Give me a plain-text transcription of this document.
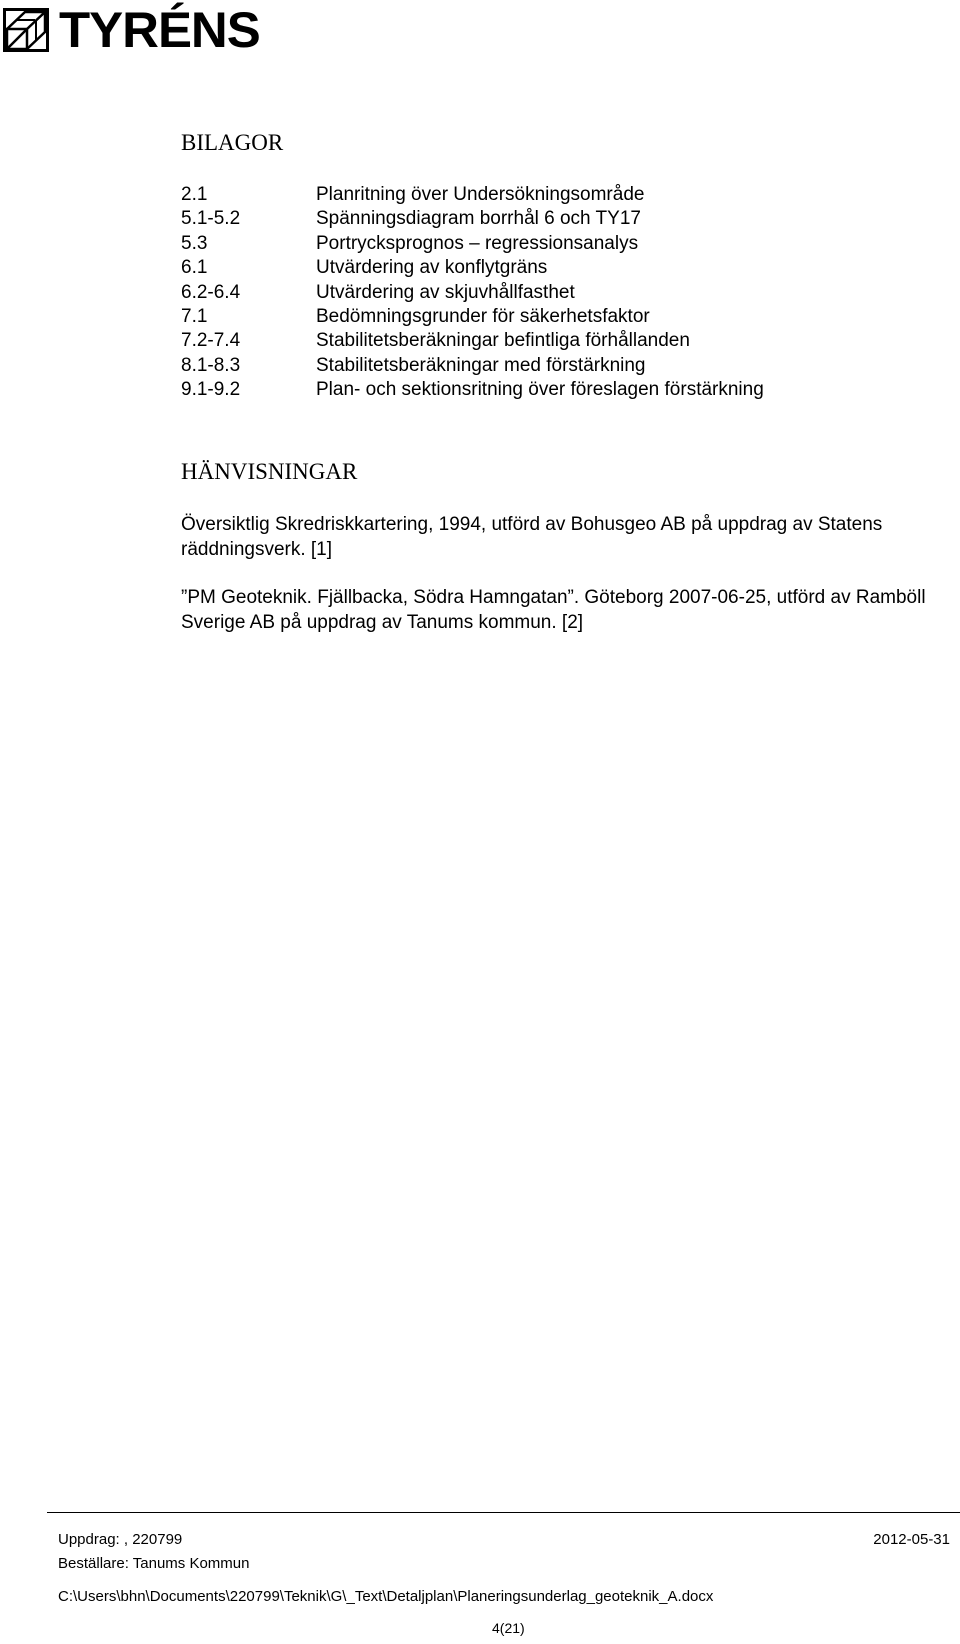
TYRÉNS
BILAGOR
2.1	Planritning över Undersökningsområde
5.1-5.2	Spänningsdiagram borrhål 6 och TY17
5.3	Portrycksprognos – regressionsanalys
6.1	Utvärdering av konflytgräns
6.2-6.4	Utvärdering av skjuvhållfasthet
7.1	Bedömningsgrunder för säkerhetsfaktor
7.2-7.4	Stabilitetsberäkningar befintliga förhållanden
8.1-8.3	Stabilitetsberäkningar med förstärkning
9.1-9.2	Plan- och sektionsritning över föreslagen förstärkning
HÄNVISNINGAR

Översiktlig Skredriskkartering, 1994, utförd av Bohusgeo AB på uppdrag av Statens räddningsverk. [1]

”PM Geoteknik. Fjällbacka, Södra Hamngatan”. Göteborg 2007-06-25, utförd av Ramböll Sverige AB på uppdrag av Tanums kommun. [2]

Uppdrag: , 220799	2012-05-31
Beställare: Tanums Kommun
C:\Users\bhn\Documents\220799\Teknik\G\_Text\Detaljplan\Planeringsunderlag_geoteknik_A.docx
4(21)
